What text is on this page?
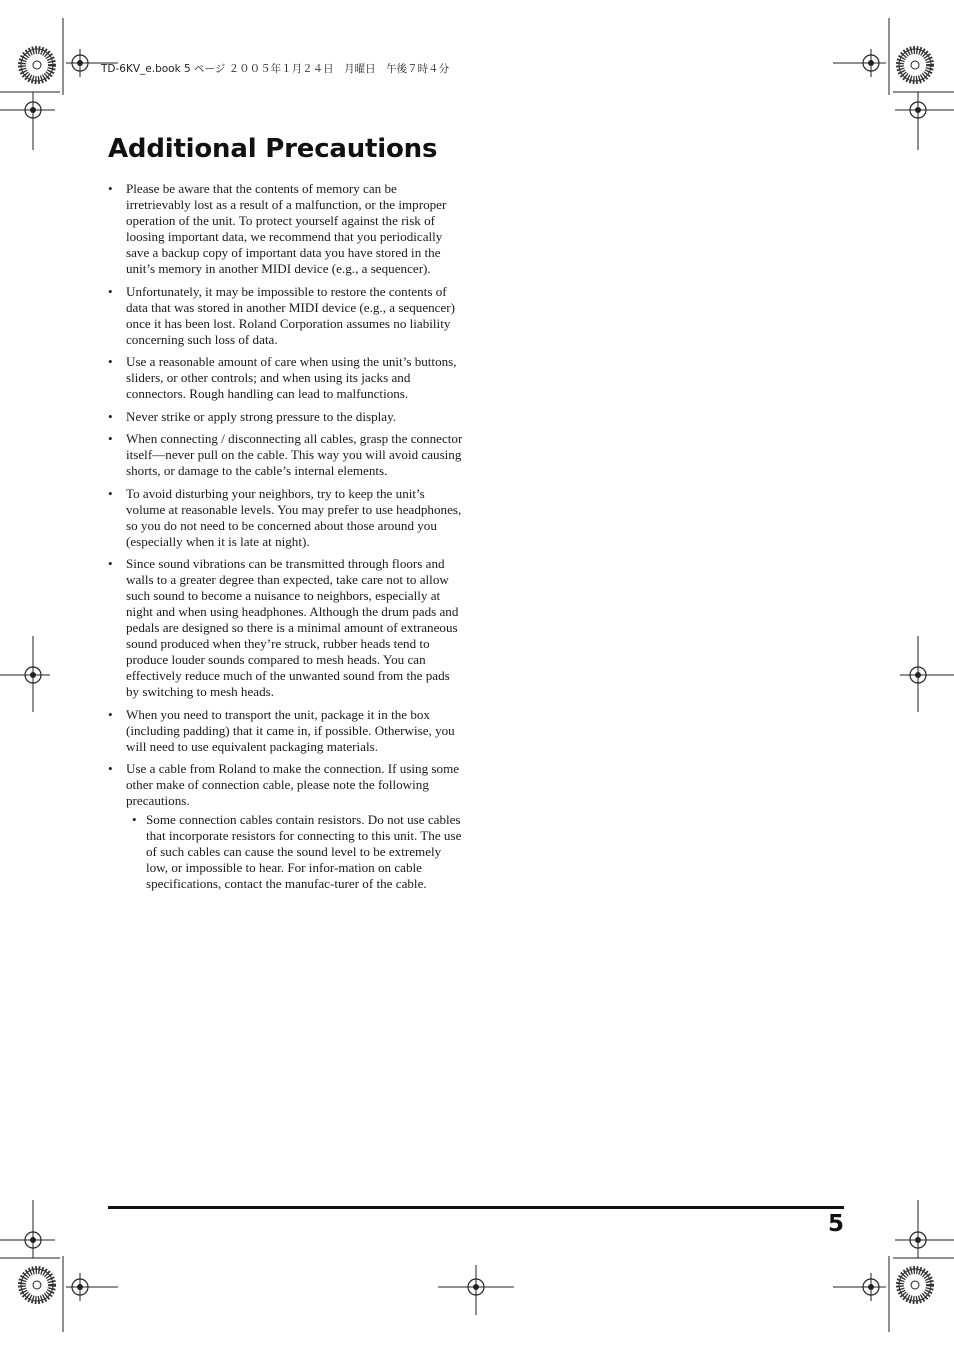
TD-6KV_e.book 5 ページ ２００５年１月２４日　月曜日　午後７時４分
Additional Precautions
• Please be aware that the contents of memory can be irretrievably lost as a result of a malfunction, or the improper operation of the unit. To protect yourself against the risk of loosing important data, we recommend that you periodically save a backup copy of important data you have stored in the unit’s memory in another MIDI device (e.g., a sequencer).
• Unfortunately, it may be impossible to restore the contents of data that was stored in another MIDI device (e.g., a sequencer) once it has been lost. Roland Corporation assumes no liability concerning such loss of data.
• Use a reasonable amount of care when using the unit’s buttons, sliders, or other controls; and when using its jacks and connectors. Rough handling can lead to malfunctions.
• Never strike or apply strong pressure to the display.
• When connecting / disconnecting all cables, grasp the connector itself—never pull on the cable. This way you will avoid causing shorts, or damage to the cable’s internal elements.
• To avoid disturbing your neighbors, try to keep the unit’s volume at reasonable levels. You may prefer to use headphones, so you do not need to be concerned about those around you (especially when it is late at night).
• Since sound vibrations can be transmitted through floors and walls to a greater degree than expected, take care not to allow such sound to become a nuisance to neighbors, especially at night and when using headphones. Although the drum pads and pedals are designed so there is a minimal amount of extraneous sound produced when they’re struck, rubber heads tend to produce louder sounds compared to mesh heads. You can effectively reduce much of the unwanted sound from the pads by switching to mesh heads.
• When you need to transport the unit, package it in the box (including padding) that it came in, if possible. Otherwise, you will need to use equivalent packaging materials.
• Use a cable from Roland to make the connection. If using some other make of connection cable, please note the following precautions.
• Some connection cables contain resistors. Do not use cables that incorporate resistors for connecting to this unit. The use of such cables can cause the sound level to be extremely low, or impossible to hear. For infor-mation on cable specifications, contact the manufac-turer of the cable.
5
